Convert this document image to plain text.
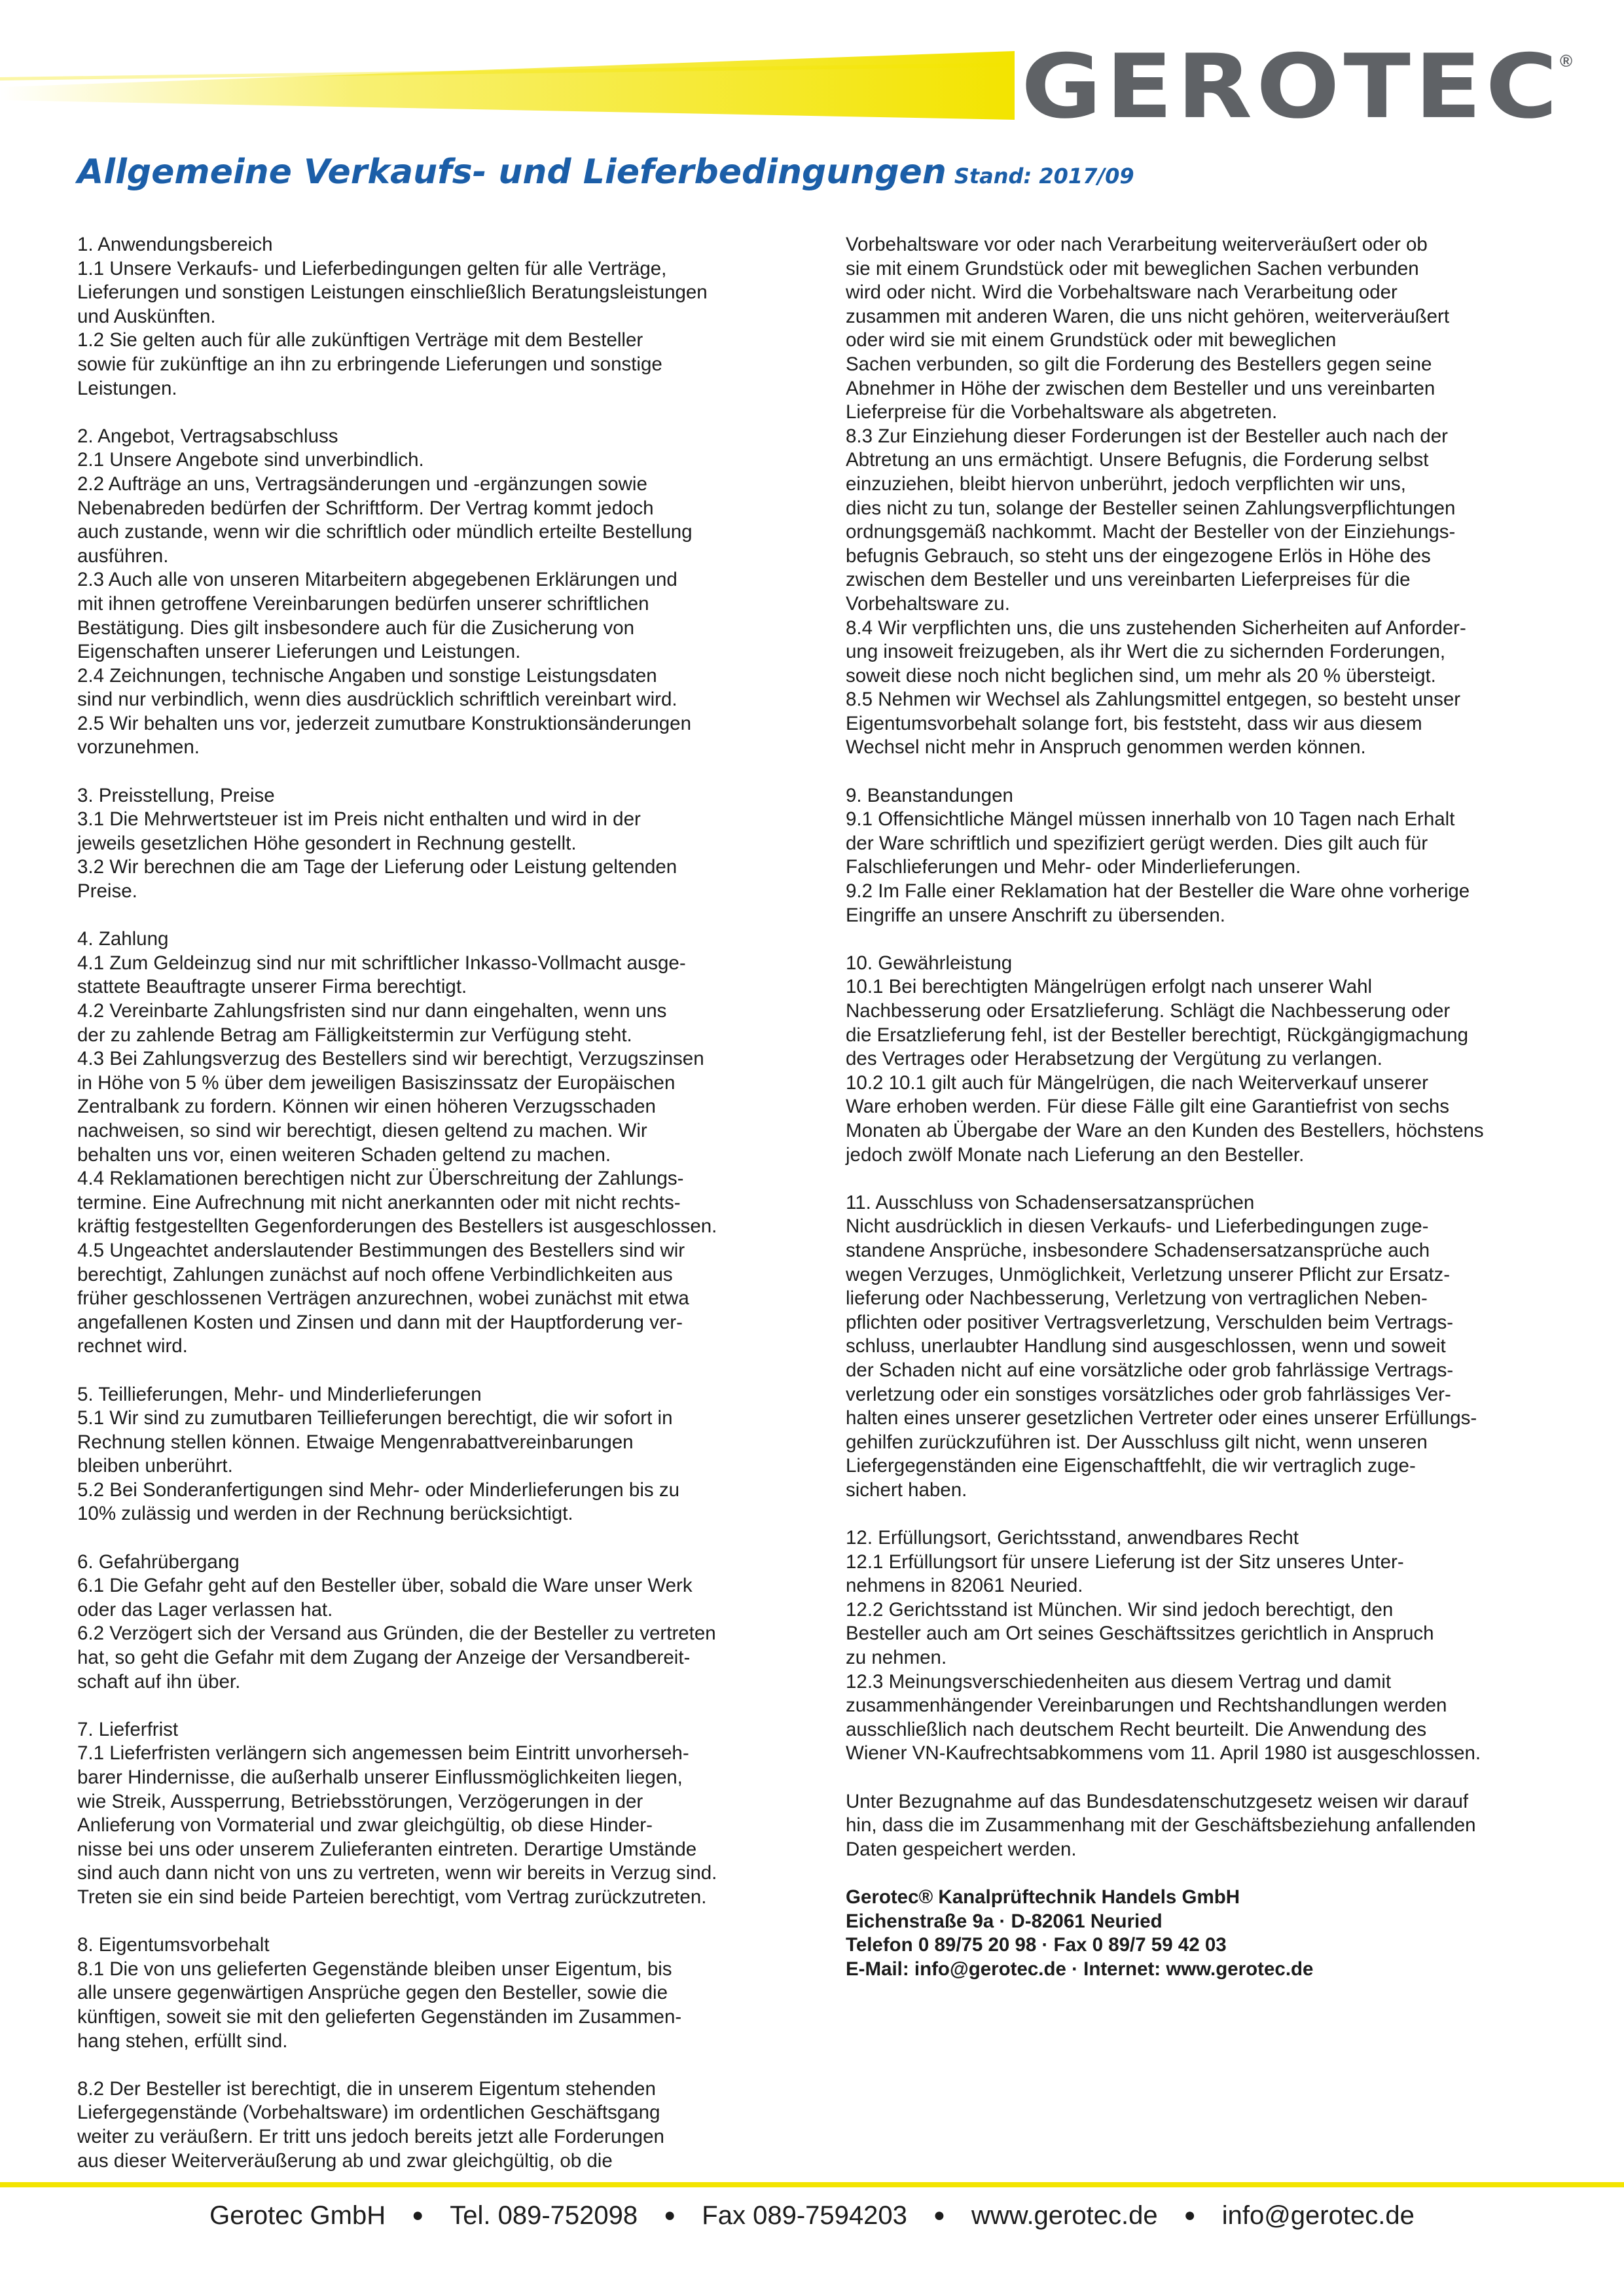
GEROTEC
®
Allgemeine Verkaufs- und Lieferbedingungen Stand: 2017/09
1. Anwendungsbereich
1.1 Unsere Verkaufs- und Lieferbedingungen gelten für alle Verträge,
Lieferungen und sonstigen Leistungen einschließlich Beratungsleistungen
und Auskünften.
1.2 Sie gelten auch für alle zukünftigen Verträge mit dem Besteller
sowie für zukünftige an ihn zu erbringende Lieferungen und sonstige
Leistungen.
2. Angebot, Vertragsabschluss
2.1 Unsere Angebote sind unverbindlich.
2.2 Aufträge an uns, Vertragsänderungen und -ergänzungen sowie
Nebenabreden bedürfen der Schriftform. Der Vertrag kommt jedoch
auch zustande, wenn wir die schriftlich oder mündlich erteilte Bestellung
ausführen.
2.3 Auch alle von unseren Mitarbeitern abgegebenen Erklärungen und
mit ihnen getroffene Vereinbarungen bedürfen unserer schriftlichen
Bestätigung. Dies gilt insbesondere auch für die Zusicherung von
Eigenschaften unserer Lieferungen und Leistungen.
2.4 Zeichnungen, technische Angaben und sonstige Leistungsdaten
sind nur verbindlich, wenn dies ausdrücklich schriftlich vereinbart wird.
2.5 Wir behalten uns vor, jederzeit zumutbare Konstruktionsänderungen
vorzunehmen.
3. Preisstellung, Preise
3.1 Die Mehrwertsteuer ist im Preis nicht enthalten und wird in der
jeweils gesetzlichen Höhe gesondert in Rechnung gestellt.
3.2 Wir berechnen die am Tage der Lieferung oder Leistung geltenden
Preise.
4. Zahlung
4.1 Zum Geldeinzug sind nur mit schriftlicher Inkasso-Vollmacht ausge-
stattete Beauftragte unserer Firma berechtigt.
4.2 Vereinbarte Zahlungsfristen sind nur dann eingehalten, wenn uns
der zu zahlende Betrag am Fälligkeitstermin zur Verfügung steht.
4.3 Bei Zahlungsverzug des Bestellers sind wir berechtigt, Verzugszinsen
in Höhe von 5 % über dem jeweiligen Basiszinssatz der Europäischen
Zentralbank zu fordern. Können wir einen höheren Verzugsschaden
nachweisen, so sind wir berechtigt, diesen geltend zu machen. Wir
behalten uns vor, einen weiteren Schaden geltend zu machen.
4.4 Reklamationen berechtigen nicht zur Überschreitung der Zahlungs-
termine. Eine Aufrechnung mit nicht anerkannten oder mit nicht rechts-
kräftig festgestellten Gegenforderungen des Bestellers ist ausgeschlossen.
4.5 Ungeachtet anderslautender Bestimmungen des Bestellers sind wir
berechtigt, Zahlungen zunächst auf noch offene Verbindlichkeiten aus
früher geschlossenen Verträgen anzurechnen, wobei zunächst mit etwa
angefallenen Kosten und Zinsen und dann mit der Hauptforderung ver-
rechnet wird.
5. Teillieferungen, Mehr- und Minderlieferungen
5.1 Wir sind zu zumutbaren Teillieferungen berechtigt, die wir sofort in
Rechnung stellen können. Etwaige Mengenrabattvereinbarungen
bleiben unberührt.
5.2 Bei Sonderanfertigungen sind Mehr- oder Minderlieferungen bis zu
10% zulässig und werden in der Rechnung berücksichtigt.
6. Gefahrübergang
6.1 Die Gefahr geht auf den Besteller über, sobald die Ware unser Werk
oder das Lager verlassen hat.
6.2 Verzögert sich der Versand aus Gründen, die der Besteller zu vertreten
hat, so geht die Gefahr mit dem Zugang der Anzeige der Versandbereit-
schaft auf ihn über.
7. Lieferfrist
7.1 Lieferfristen verlängern sich angemessen beim Eintritt unvorherseh-
barer Hindernisse, die außerhalb unserer Einflussmöglichkeiten liegen,
wie Streik, Aussperrung, Betriebsstörungen, Verzögerungen in der
Anlieferung von Vormaterial und zwar gleichgültig, ob diese Hinder-
nisse bei uns oder unserem Zulieferanten eintreten. Derartige Umstände
sind auch dann nicht von uns zu vertreten, wenn wir bereits in Verzug sind.
Treten sie ein sind beide Parteien berechtigt, vom Vertrag zurückzutreten.
8. Eigentumsvorbehalt
8.1 Die von uns gelieferten Gegenstände bleiben unser Eigentum, bis
alle unsere gegenwärtigen Ansprüche gegen den Besteller, sowie die
künftigen, soweit sie mit den gelieferten Gegenständen im Zusammen-
hang stehen, erfüllt sind.
8.2 Der Besteller ist berechtigt, die in unserem Eigentum stehenden
Liefergegenstände (Vorbehaltsware) im ordentlichen Geschäftsgang
weiter zu veräußern. Er tritt uns jedoch bereits jetzt alle Forderungen
aus dieser Weiterveräußerung ab und zwar gleichgültig, ob die
Vorbehaltsware vor oder nach Verarbeitung weiterveräußert oder ob
sie mit einem Grundstück oder mit beweglichen Sachen verbunden
wird oder nicht. Wird die Vorbehaltsware nach Verarbeitung oder
zusammen mit anderen Waren, die uns nicht gehören, weiterveräußert
oder wird sie mit einem Grundstück oder mit beweglichen
Sachen verbunden, so gilt die Forderung des Bestellers gegen seine
Abnehmer in Höhe der zwischen dem Besteller und uns vereinbarten
Lieferpreise für die Vorbehaltsware als abgetreten.
8.3 Zur Einziehung dieser Forderungen ist der Besteller auch nach der
Abtretung an uns ermächtigt. Unsere Befugnis, die Forderung selbst
einzuziehen, bleibt hiervon unberührt, jedoch verpflichten wir uns,
dies nicht zu tun, solange der Besteller seinen Zahlungsverpflichtungen
ordnungsgemäß nachkommt. Macht der Besteller von der Einziehungs-
befugnis Gebrauch, so steht uns der eingezogene Erlös in Höhe des
zwischen dem Besteller und uns vereinbarten Lieferpreises für die
Vorbehaltsware zu.
8.4 Wir verpflichten uns, die uns zustehenden Sicherheiten auf Anforder-
ung insoweit freizugeben, als ihr Wert die zu sichernden Forderungen,
soweit diese noch nicht beglichen sind, um mehr als 20 % übersteigt.
8.5 Nehmen wir Wechsel als Zahlungsmittel entgegen, so besteht unser
Eigentumsvorbehalt solange fort, bis feststeht, dass wir aus diesem
Wechsel nicht mehr in Anspruch genommen werden können.
9. Beanstandungen
9.1 Offensichtliche Mängel müssen innerhalb von 10 Tagen nach Erhalt
der Ware schriftlich und spezifiziert gerügt werden. Dies gilt auch für
Falschlieferungen und Mehr- oder Minderlieferungen.
9.2 Im Falle einer Reklamation hat der Besteller die Ware ohne vorherige
Eingriffe an unsere Anschrift zu übersenden.
10. Gewährleistung
10.1 Bei berechtigten Mängelrügen erfolgt nach unserer Wahl
Nachbesserung oder Ersatzlieferung. Schlägt die Nachbesserung oder
die Ersatzlieferung fehl, ist der Besteller berechtigt, Rückgängigmachung
des Vertrages oder Herabsetzung der Vergütung zu verlangen.
10.2 10.1 gilt auch für Mängelrügen, die nach Weiterverkauf unserer
Ware erhoben werden. Für diese Fälle gilt eine Garantiefrist von sechs
Monaten ab Übergabe der Ware an den Kunden des Bestellers, höchstens
jedoch zwölf Monate nach Lieferung an den Besteller.
11. Ausschluss von Schadensersatzansprüchen
Nicht ausdrücklich in diesen Verkaufs- und Lieferbedingungen zuge-
standene Ansprüche, insbesondere Schadensersatzansprüche auch
wegen Verzuges, Unmöglichkeit, Verletzung unserer Pflicht zur Ersatz-
lieferung oder Nachbesserung, Verletzung von vertraglichen Neben-
pflichten oder positiver Vertragsverletzung, Verschulden beim Vertrags-
schluss, unerlaubter Handlung sind ausgeschlossen, wenn und soweit
der Schaden nicht auf eine vorsätzliche oder grob fahrlässige Vertrags-
verletzung oder ein sonstiges vorsätzliches oder grob fahrlässiges Ver-
halten eines unserer gesetzlichen Vertreter oder eines unserer Erfüllungs-
gehilfen zurückzuführen ist. Der Ausschluss gilt nicht, wenn unseren
Liefergegenständen eine Eigenschaftfehlt, die wir vertraglich zuge-
sichert haben.
12. Erfüllungsort, Gerichtsstand, anwendbares Recht
12.1 Erfüllungsort für unsere Lieferung ist der Sitz unseres Unter-
nehmens in 82061 Neuried.
12.2 Gerichtsstand ist München. Wir sind jedoch berechtigt, den
Besteller auch am Ort seines Geschäftssitzes gerichtlich in Anspruch
zu nehmen.
12.3 Meinungsverschiedenheiten aus diesem Vertrag und damit
zusammenhängender Vereinbarungen und Rechtshandlungen werden
ausschließlich nach deutschem Recht beurteilt. Die Anwendung des
Wiener VN-Kaufrechtsabkommens vom 11. April 1980 ist ausgeschlossen.
Unter Bezugnahme auf das Bundesdatenschutzgesetz weisen wir darauf
hin, dass die im Zusammenhang mit der Geschäftsbeziehung anfallenden
Daten gespeichert werden.
Gerotec® Kanalprüftechnik Handels GmbH
Eichenstraße 9a · D-82061 Neuried
Telefon 0 89/75 20 98 · Fax 0 89/7 59 42 03
E-Mail: info@gerotec.de · Internet: www.gerotec.de
Gerotec GmbH ● Tel. 089-752098 ● Fax 089-7594203 ● www.gerotec.de ● info@gerotec.de
